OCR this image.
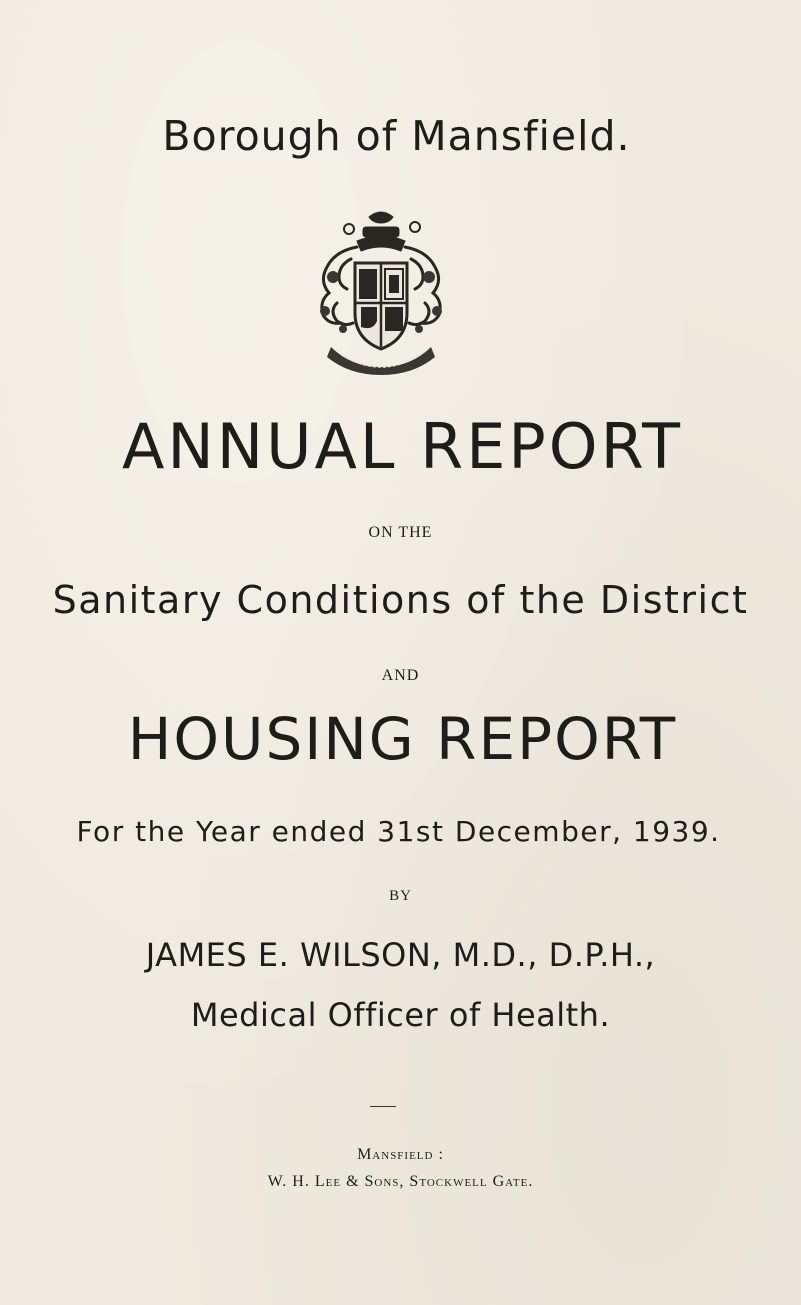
Borough of Mansfield.
ANNUAL REPORT
ON THE
Sanitary Conditions of the District
AND
HOUSING REPORT
For the Year ended 31st December, 1939.
BY
JAMES E. WILSON, M.D., D.P.H.,
Medical Officer of Health.
Mansfield :
W. H. Lee & Sons, Stockwell Gate.
